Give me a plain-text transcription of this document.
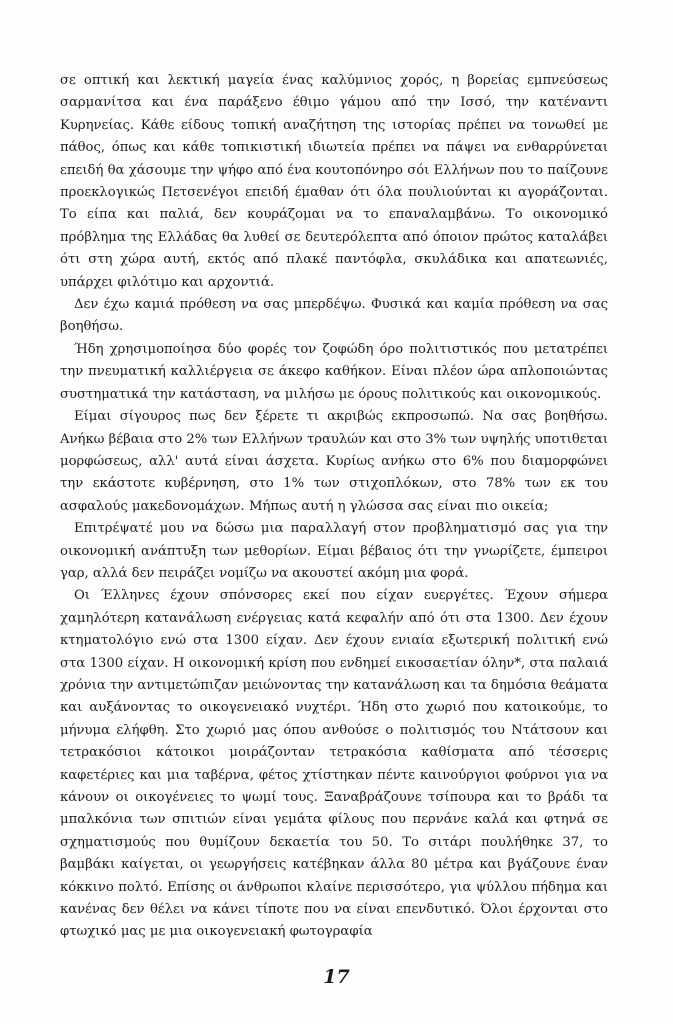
σε οπτική και λεκτική μαγεία ένας καλύμνιος χορός, η βορείας εμπνεύσεως σαρμανίτσα και ένα παράξενο έθιμο γάμου από την Ισσό, την κατέναντι Κυρηνείας. Κάθε είδους τοπική αναζήτηση της ιστορίας πρέπει να τονωθεί με πάθος, όπως και κάθε τοπικιστική ιδιωτεία πρέπει να πάψει να ενθαρρύνεται επειδή θα χάσουμε την ψήφο από ένα κουτοπόνηρο σόι Ελλήνων που το παίζουνε προεκλογικώς Πετσενέγοι επειδή έμαθαν ότι όλα πουλιούνται κι αγοράζονται. Το είπα και παλιά, δεν κουράζομαι να το επαναλαμβάνω. Το οικονομικό πρόβλημα της Ελλάδας θα λυθεί σε δευτερόλεπτα από όποιον πρώτος καταλάβει ότι στη χώρα αυτή, εκτός από πλακέ παντόφλα, σκυλάδικα και απατεωνιές, υπάρχει φιλότιμο και αρχοντιά.

Δεν έχω καμιά πρόθεση να σας μπερδέψω. Φυσικά και καμία πρόθεση να σας βοηθήσω.

Ήδη χρησιμοποίησα δύο φορές τον ζοφώδη όρο πολιτιστικός που μετατρέπει την πνευματική καλλιέργεια σε άκεφο καθήκον. Είναι πλέον ώρα απλοποιώντας συστηματικά την κατάσταση, να μιλήσω με όρους πολιτικούς και οικονομικούς.

Είμαι σίγουρος πως δεν ξέρετε τι ακριβώς εκπροσωπώ. Να σας βοηθήσω. Ανήκω βέβαια στο 2% των Ελλήνων τραυλών και στο 3% των υψηλής υποτιθεται μορφώσεως, αλλ' αυτά είναι άσχετα. Κυρίως ανήκω στο 6% που διαμορφώνει την εκάστοτε κυβέρνηση, στο 1% των στιχοπλόκων, στο 78% των εκ του ασφαλούς μακεδονομάχων. Μήπως αυτή η γλώσσα σας είναι πιο οικεία;

Επιτρέψατέ μου να δώσω μια παραλλαγή στον προβληματισμό σας για την οικονομική ανάπτυξη των μεθορίων. Είμαι βέβαιος ότι την γνωρίζετε, έμπειροι γαρ, αλλά δεν πειράζει νομίζω να ακουστεί ακόμη μια φορά.

Οι Έλληνες έχουν σπόνσορες εκεί που είχαν ευεργέτες. Έχουν σήμερα χαμηλότερη κατανάλωση ενέργειας κατά κεφαλήν από ότι στα 1300. Δεν έχουν κτηματολόγιο ενώ στα 1300 είχαν. Δεν έχουν ενιαία εξωτερική πολιτική ενώ στα 1300 είχαν. Η οικονομική κρίση που ενδημεί εικοσαετίαν όλην*, στα παλαιά χρόνια την αντιμετώπιζαν μειώνοντας την κατανάλωση και τα δημόσια θεάματα και αυξάνοντας το οικογενειακό νυχτέρι. Ήδη στο χωριό που κατοικούμε, το μήνυμα ελήφθη. Στο χωριό μας όπου ανθούσε ο πολιτισμός του Ντάτσουν και τετρακόσιοι κάτοικοι μοιράζονταν τετρακόσια καθίσματα από τέσσερις καφετέριες και μια ταβέρνα, φέτος χτίστηκαν πέντε καινούργιοι φούρνοι για να κάνουν οι οικογένειες το ψωμί τους. Ξαναβράζουνε τσίπουρα και το βράδι τα μπαλκόνια των σπιτιών είναι γεμάτα φίλους που περνάνε καλά και φτηνά σε σχηματισμούς που θυμίζουν δεκαετία του 50. Το σιτάρι πουλήθηκε 37, το βαμβάκι καίγεται, οι γεωργήσεις κατέβηκαν άλλα 80 μέτρα και βγάζουνε έναν κόκκινο πολτό. Επίσης οι άνθρωποι κλαίνε περισσότερο, για ψύλλου πήδημα και κανένας δεν θέλει να κάνει τίποτε που να είναι επενδυτικό. Όλοι έρχονται στο φτωχικό μας με μια οικογενειακή φωτογραφία

17
